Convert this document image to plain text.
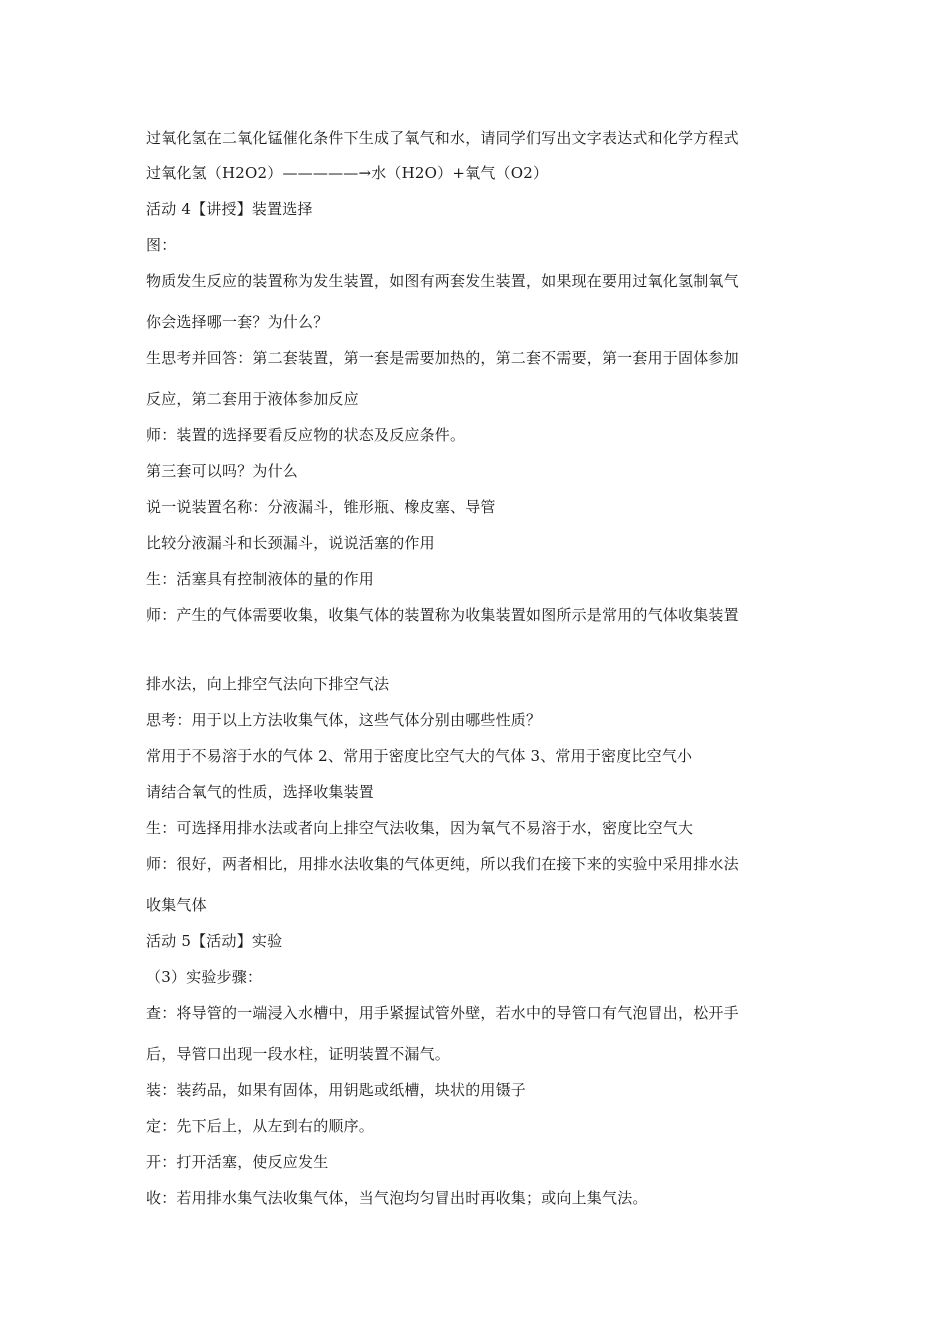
过氧化氢在二氧化锰催化条件下生成了氧气和水，请同学们写出文字表达式和化学方程式
过氧化氢（H2O2）—————→水（H2O）+氧气（O2）
活动 4【讲授】装置选择
图：
物质发生反应的装置称为发生装置，如图有两套发生装置，如果现在要用过氧化氢制氧气
你会选择哪一套？为什么？
生思考并回答：第二套装置，第一套是需要加热的，第二套不需要，第一套用于固体参加
反应，第二套用于液体参加反应
师：装置的选择要看反应物的状态及反应条件。
第三套可以吗？为什么
说一说装置名称：分液漏斗，锥形瓶、橡皮塞、导管
比较分液漏斗和长颈漏斗，说说活塞的作用
生：活塞具有控制液体的量的作用
师：产生的气体需要收集，收集气体的装置称为收集装置如图所示是常用的气体收集装置
排水法，向上排空气法向下排空气法
思考：用于以上方法收集气体，这些气体分别由哪些性质？
常用于不易溶于水的气体 2、常用于密度比空气大的气体 3、常用于密度比空气小
请结合氧气的性质，选择收集装置
生：可选择用排水法或者向上排空气法收集，因为氧气不易溶于水，密度比空气大
师：很好，两者相比，用排水法收集的气体更纯，所以我们在接下来的实验中采用排水法
收集气体
活动 5【活动】实验
（3）实验步骤：
查：将导管的一端浸入水槽中，用手紧握试管外壁，若水中的导管口有气泡冒出，松开手
后，导管口出现一段水柱，证明装置不漏气。
装：装药品，如果有固体，用钥匙或纸槽，块状的用镊子
定：先下后上，从左到右的顺序。
开：打开活塞，使反应发生
收：若用排水集气法收集气体，当气泡均匀冒出时再收集；或向上集气法。
